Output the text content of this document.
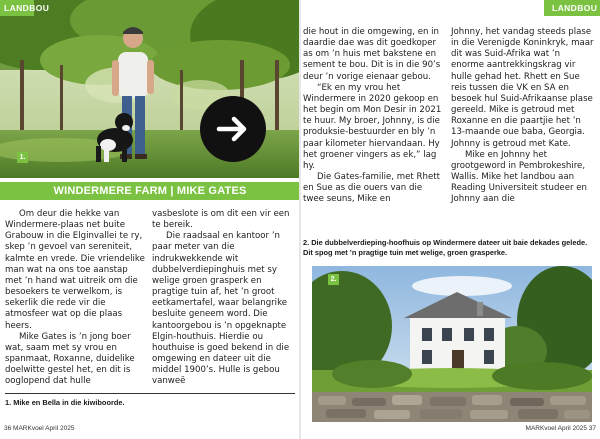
LANDBOU
1.
WINDERMERE FARM | MIKE GATES

Om deur die hekke van Windermere-plaas net buite Grabouw in die Elginvallei te ry, skep ’n gevoel van sereniteit, kalmte en vrede. Die vriendelike man wat na ons toe aanstap met ’n hand wat uitreik om die besoekers te verwelkom, is sekerlik die rede vir die atmosfeer wat op die plaas heers.

Mike Gates is ’n jong boer wat, saam met sy vrou en spanmaat, Roxanne, duidelike doelwitte gestel het, en dit is ooglopend dat hulle

vasbeslote is om dit een vir een te bereik.

Die raadsaal en kantoor ’n paar meter van die indrukwekkende wit dubbelverdiepinghuis met sy welige groen grasperk en pragtige tuin af, het ’n groot eetkamertafel, waar belangrike besluite geneem word. Die kantoorgebou is ’n opgeknapte Elgin-houthuis. Hierdie ou houthuise is goed bekend in die omgewing en dateer uit die middel 1900’s. Hulle is gebou vanweë

1. Mike en Bella in die kiwiboorde.
36 MARKvoel April 2025
LANDBOU

die hout in die omgewing, en in daardie dae was dit goedkoper as om ’n huis met bakstene en sement te bou. Dit is in die 90’s deur ’n vorige eienaar gebou.

“Ek en my vrou het Windermere in 2020 gekoop en het begin om Mon Desir in 2021 te huur. My broer, Johnny, is die produksie-bestuurder en bly ’n paar kilometer hiervandaan. Hy het groener vingers as ek,” lag hy.

Die Gates-familie, met Rhett en Sue as die ouers van die twee seuns, Mike en

Johnny, het vandag steeds plase in die Verenigde Koninkryk, maar dit was Suid-Afrika wat ’n enorme aantrekkingskrag vir hulle gehad het. Rhett en Sue reis tussen die VK en SA en besoek hul Suid-Afrikaanse plase gereeld. Mike is getroud met Roxanne en die paartjie het ’n 13-maande oue baba, Georgia. Johnny is getroud met Kate.

Mike en Johnny het grootgeword in Pembrokeshire, Wallis. Mike het landbou aan Reading Universiteit studeer en Johnny aan die

2. Die dubbelverdieping-hoofhuis op Windermere dateer uit baie dekades gelede. Dit spog met ’n pragtige tuin met welige, groen grasperke.
2.
MARKvoel April 2025 37
